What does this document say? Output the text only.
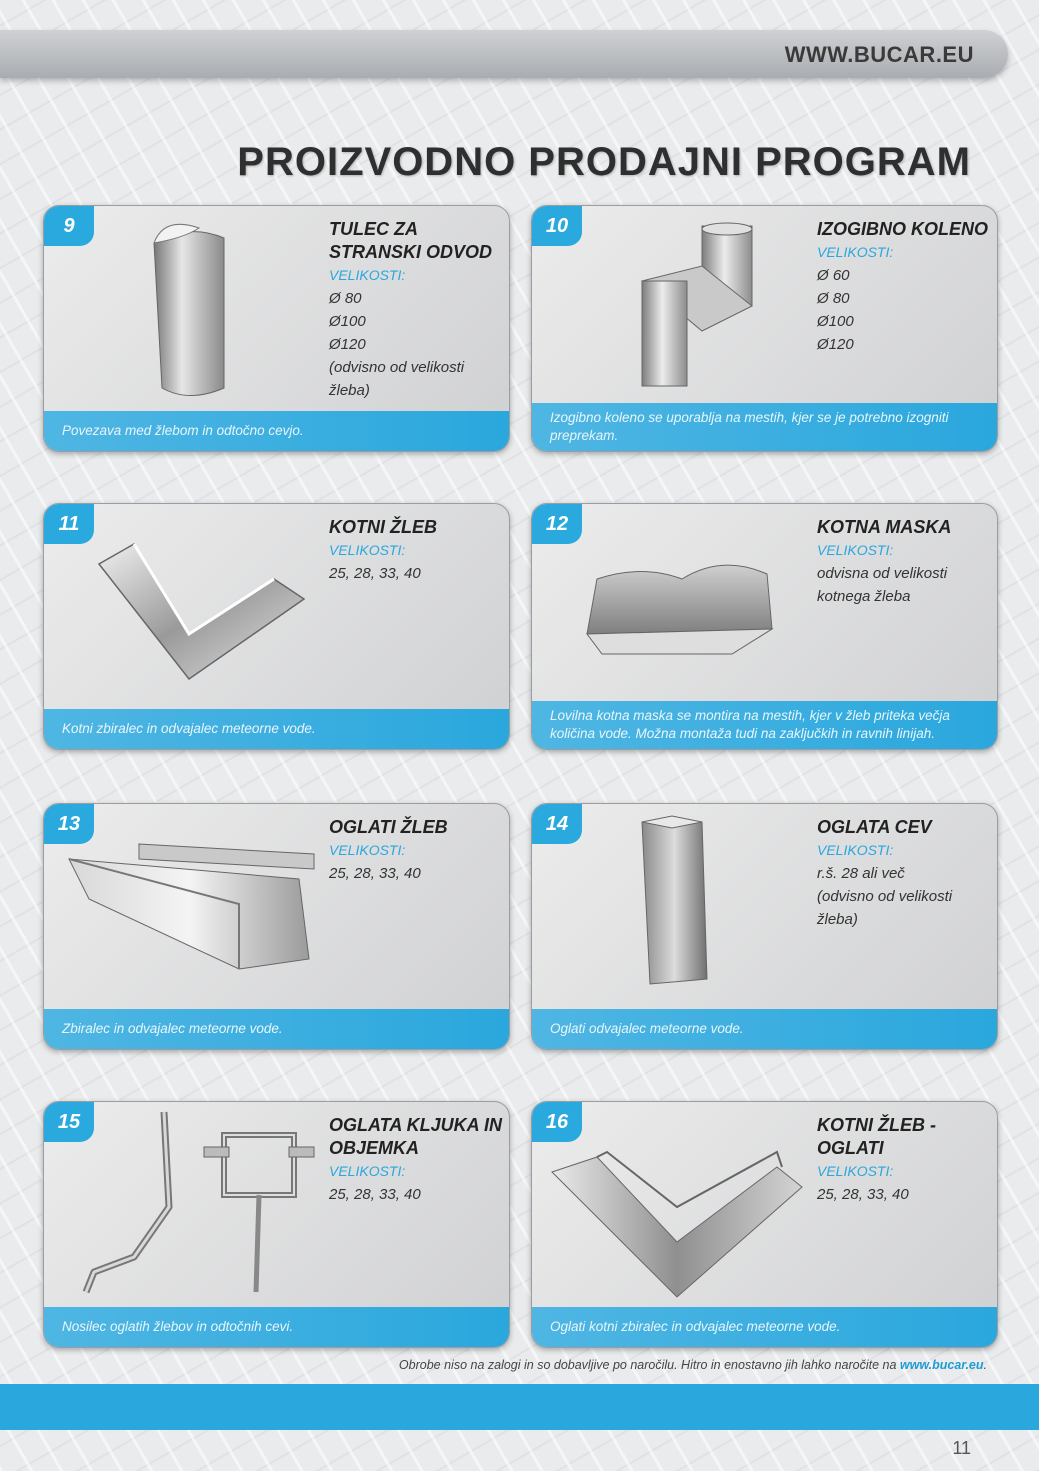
WWW.BUCAR.EU
PROIZVODNO PRODAJNI PROGRAM
9	TULEC ZA
STRANSKI ODVOD
VELIKOSTI:
Ø 80
Ø100
Ø120
(odvisno od velikosti
žleba)
Povezava med žlebom in odtočno cevjo.
10	IZOGIBNO KOLENO
VELIKOSTI:
Ø 60
Ø 80
Ø100
Ø120
Izogibno koleno se uporablja na mestih, kjer se je potrebno izogniti preprekam.
11	KOTNI ŽLEB
VELIKOSTI:
25, 28, 33, 40
Kotni zbiralec in odvajalec meteorne vode.
12	KOTNA MASKA
VELIKOSTI:
odvisna od velikosti
kotnega žleba
Lovilna kotna maska se montira na mestih, kjer v žleb priteka večja količina vode. Možna montaža tudi na zaključkih in ravnih linijah.
13	OGLATI ŽLEB
VELIKOSTI:
25, 28, 33, 40
Zbiralec in odvajalec meteorne vode.
14	OGLATA CEV
VELIKOSTI:
r.š. 28 ali več
(odvisno od velikosti
žleba)
Oglati odvajalec meteorne vode.
15	OGLATA KLJUKA IN
OBJEMKA
VELIKOSTI:
25, 28, 33, 40
Nosilec oglatih žlebov in odtočnih cevi.
16	KOTNI ŽLEB - OGLATI
VELIKOSTI:
25, 28, 33, 40
Oglati kotni zbiralec in odvajalec meteorne vode.
Obrobe niso na zalogi in so dobavljive po naročilu. Hitro in enostavno jih lahko naročite na www.bucar.eu.
11
